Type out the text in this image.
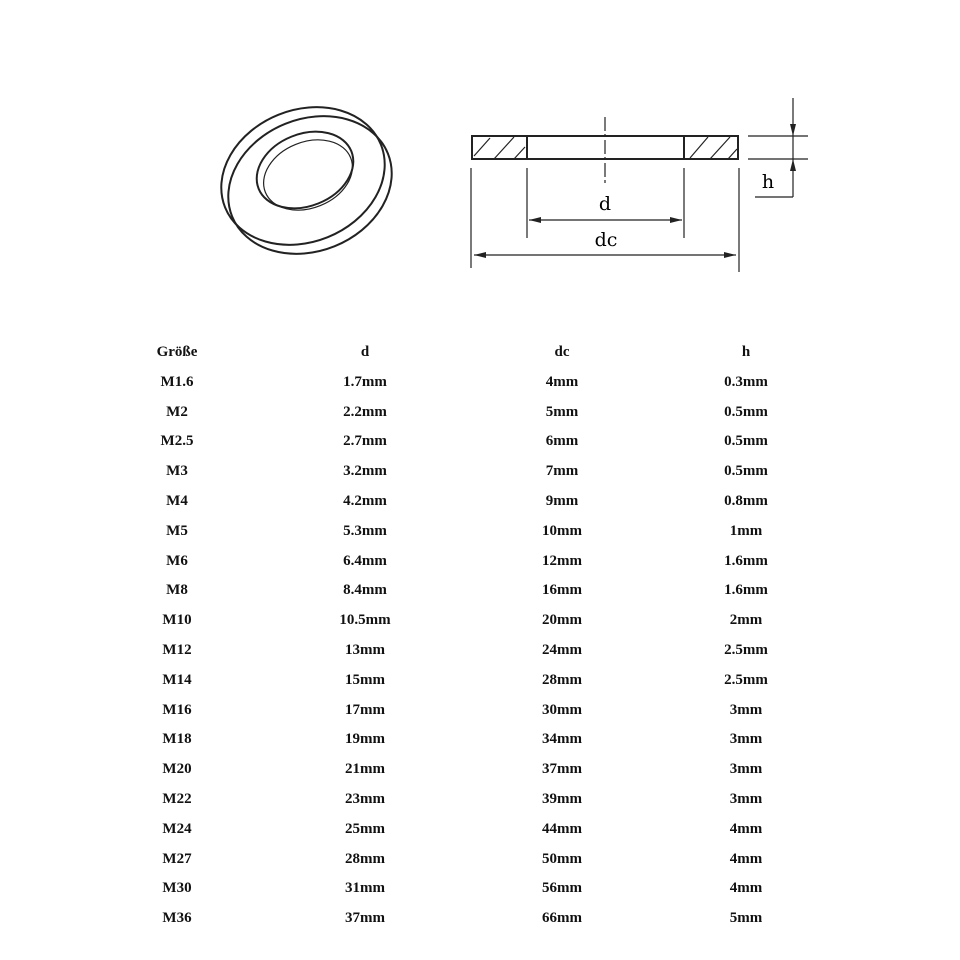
d
dc
h
Größe	d	dc	h
M1.6	1.7mm	4mm	0.3mm
M2	2.2mm	5mm	0.5mm
M2.5	2.7mm	6mm	0.5mm
M3	3.2mm	7mm	0.5mm
M4	4.2mm	9mm	0.8mm
M5	5.3mm	10mm	1mm
M6	6.4mm	12mm	1.6mm
M8	8.4mm	16mm	1.6mm
M10	10.5mm	20mm	2mm
M12	13mm	24mm	2.5mm
M14	15mm	28mm	2.5mm
M16	17mm	30mm	3mm
M18	19mm	34mm	3mm
M20	21mm	37mm	3mm
M22	23mm	39mm	3mm
M24	25mm	44mm	4mm
M27	28mm	50mm	4mm
M30	31mm	56mm	4mm
M36	37mm	66mm	5mm
